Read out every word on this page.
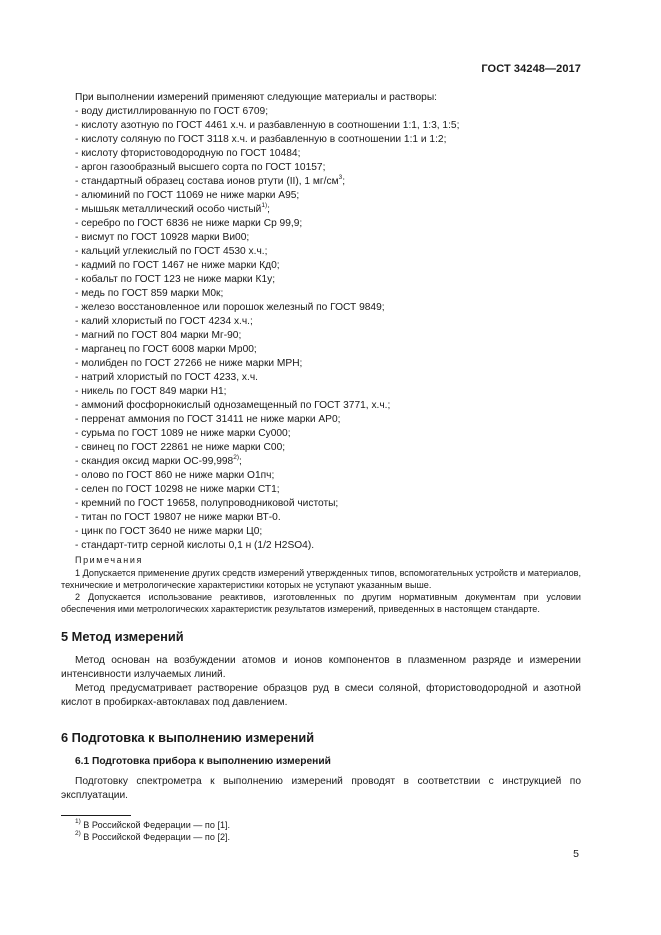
ГОСТ 34248—2017

При выполнении измерений применяют следующие материалы и растворы:

- воду дистиллированную по ГОСТ 6709;
- кислоту азотную по ГОСТ 4461 х.ч. и разбавленную в соотношении 1:1, 1:3, 1:5;
- кислоту соляную по ГОСТ 3118 х.ч. и разбавленную в соотношении 1:1 и 1:2;
- кислоту фтористоводородную по ГОСТ 10484;
- аргон газообразный высшего сорта по ГОСТ 10157;
- стандартный образец состава ионов ртути (II), 1 $мг/см^3$;
- алюминий по ГОСТ 11069 не ниже марки А95;
- мышьяк металлический особо чистый$^{1)}$;
- серебро по ГОСТ 6836 не ниже марки Ср 99,9;
- висмут по ГОСТ 10928 марки Ви00;
- кальций углекислый по ГОСТ 4530 х.ч.;
- кадмий по ГОСТ 1467 не ниже марки Кд0;
- кобальт по ГОСТ 123 не ниже марки К1у;
- медь по ГОСТ 859 марки М0к;
- железо восстановленное или порошок железный по ГОСТ 9849;
- калий хлористый по ГОСТ 4234 х.ч.;
- магний по ГОСТ 804 марки Мг-90;
- марганец по ГОСТ 6008 марки Мр00;
- молибден по ГОСТ 27266 не ниже марки МРН;
- натрий хлористый по ГОСТ 4233, х.ч.
- никель по ГОСТ 849 марки Н1;
- аммоний фосфорнокислый однозамещенный по ГОСТ 3771, х.ч.;
- перренат аммония по ГОСТ 31411 не ниже марки АР0;
- сурьма по ГОСТ 1089 не ниже марки Су000;
- свинец по ГОСТ 22861 не ниже марки С00;
- скандия оксид марки ОС-99,998$^{2)}$;
- олово по ГОСТ 860 не ниже марки О1пч;
- селен по ГОСТ 10298 не ниже марки СТ1;
- кремний по ГОСТ 19658, полупроводниковой чистоты;
- титан по ГОСТ 19807 не ниже марки ВТ-0.
- цинк по ГОСТ 3640 не ниже марки Ц0;
- стандарт-титр серной кислоты 0,1 н (1/2 H2SO4).
Примечания

1 Допускается применение других средств измерений утвержденных типов, вспомогательных устройств и материалов, технические и метрологические характеристики которых не уступают указанным выше.

2 Допускается использование реактивов, изготовленных по другим нормативным документам при условии обеспечения ими метрологических характеристик результатов измерений, приведенных в настоящем стандарте.

5 Метод измерений

Метод основан на возбуждении атомов и ионов компонентов в плазменном разряде и измерении интенсивности излучаемых линий.

Метод предусматривает растворение образцов руд в смеси соляной, фтористоводородной и азотной кислот в пробирках-автоклавах под давлением.

6 Подготовка к выполнению измерений
6.1 Подготовка прибора к выполнению измерений

Подготовку спектрометра к выполнению измерений проводят в соответствии с инструкцией по эксплуатации.

$^{1)}$ В Российской Федерации — по [1].
$^{2)}$ В Российской Федерации — по [2].
5
